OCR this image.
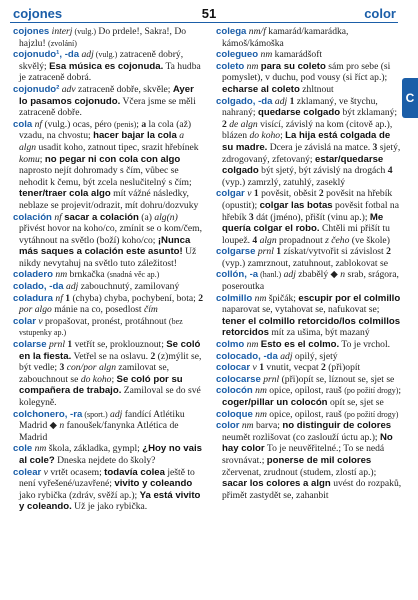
cojones	51	color
C
cojones interj (vulg.) Do prdele!, Sakra!, Do hajzlu! (zvolání)
cojonudo¹, -da adj (vulg.) zatraceně dobrý, skvělý; Esa música es cojonuda. Ta hudba je zatraceně dobrá.
cojonudo² adv zatraceně dobře, skvěle; Ayer lo pasamos cojonudo. Včera jsme se měli zatraceně dobře.
cola nf (vulg.) ocas, péro (penis); a la cola (až) vzadu, na chvostu; hacer bajar la cola a algn usadit koho, zatnout tipec, srazit hřebínek komu; no pegar ni con cola con algo naprosto nejít dohromady s čím, vůbec se nehodit k čemu, být zcela neslučitelný s čím; tener/traer cola algo mít vážné následky, neblaze se projevit/odrazit, mít dohru/dozvuky
colación nf sacar a colación (a) alg(n) přivést hovor na koho/co, zmínit se o kom/čem, vytáhnout na světlo (boží) koho/co; ¡Nunca más saques a colación este asunto! Už nikdy nevytahuj na světlo tuto záležitost!
coladero nm brnkačka (snadná věc ap.)
colado, -da adj zabouchnutý, zamilovaný
coladura nf 1 (chyba) chyba, pochybení, bota; 2 por algo mánie na co, posedlost čím
colar v propašovat, pronést, protáhnout (bez vstupenky ap.)
colarse prnl 1 vetřít se, proklouznout; Se coló en la fiesta. Vetřel se na oslavu. 2 (z)mýlit se, být vedle; 3 con/por algn zamilovat se, zabouchnout se do koho; Se coló por su compañera de trabajo. Zamiloval se do své kolegyně.
colchonero, -ra (sport.) adj fandící Atlétiku Madrid ◆ n fanoušek/fanynka Atlética de Madrid
cole nm škola, základka, gympl; ¿Hoy no vais al cole? Dneska nejdete do školy?
colear v vrtět ocasem; todavía colea ještě to není vyřešené/uzavřené; vivito y coleando jako rybička (zdráv, svěží ap.); Ya está vivito y coleando. Už je jako rybička.
colega nm/f kamarád/kamarádka, kámoš/kámoška
colegueo nm kamarádšoft
coleto nm para su coleto sám pro sebe (si pomyslet), v duchu, pod vousy (si říct ap.); echarse al coleto zhltnout
colgado, -da adj 1 zklamaný, ve štychu, nahraný; quedarse colgado být zklamaný; 2 de algn visící, závislý na kom (citově ap.), blázen do koho; La hija está colgada de su madre. Dcera je závislá na matce. 3 sjetý, zdrogovaný, zfetovaný; estar/quedarse colgado být sjetý, být závislý na drogách 4 (vyp.) zamrzlý, zatuhlý, zaseklý
colgar v 1 pověsit, oběsit 2 pověsit na hřebík (opustit); colgar las botas pověsit fotbal na hřebík 3 dát (jméno), přišít (vinu ap.); Me quería colgar el robo. Chtěli mi přišít tu loupež. 4 algn propadnout z čeho (ve škole)
colgarse prnl 1 získat/vytvořit si závislost 2 (vyp.) zamrznout, zatuhnout, zablokovat se
collón, -a (hanl.) adj zbabělý ◆ n srab, srágora, poseroutka
colmillo nm špičák; escupir por el colmillo naparovat se, vytahovat se, nafukovat se; tener el colmillo retorcido/los colmillos retorcidos mít za ušima, být mazaný
colmo nm Esto es el colmo. To je vrchol.
colocado, -da adj opilý, sjetý
colocar v 1 vnutit, vecpat 2 (při)opít
colocarse prnl (při)opít se, líznout se, sjet se
colocón nm opice, opilost, rauš (po požití drogy); coger/pillar un colocón opít se, sjet se
coloque nm opice, opilost, rauš (po požití drogy)
color nm barva; no distinguir de colores neumět rozlišovat (co zaslouží úctu ap.); No hay color To je neuvěřitelné.; To se nedá srovnávat.; ponerse de mil colores zčervenat, zrudnout (studem, zlostí ap.); sacar los colores a algn uvést do rozpaků, přimět zastydět se, zahanbit
